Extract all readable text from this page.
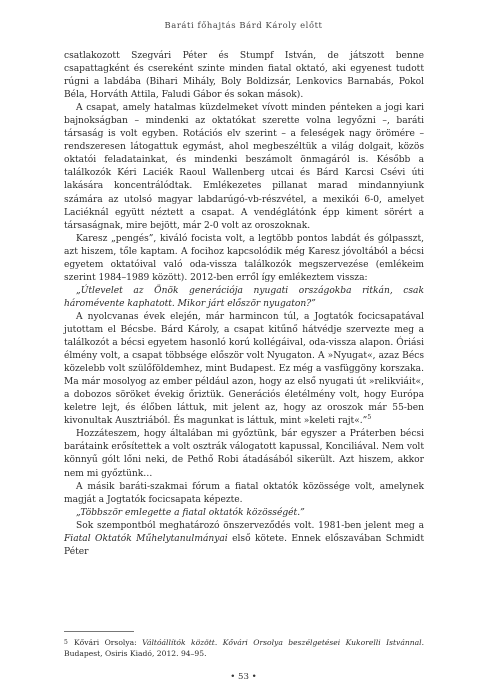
Baráti főhajtás Bárd Károly előtt

csatlakozott Szegvári Péter és Stumpf István, de játszott benne csapattagként és csereként szinte minden fiatal oktató, aki egyenest tudott rúgni a labdába (Bihari Mihály, Boly Boldizsár, Lenkovics Barnabás, Pokol Béla, Horváth Attila, Faludi Gábor és sokan mások).

A csapat, amely hatalmas küzdelmeket vívott minden pénteken a jogi kari bajnokságban – mindenki az oktatókat szerette volna legyőzni –, baráti társaság is volt egyben. Rotációs elv szerint – a feleségek nagy örömére – rendszeresen látogattuk egymást, ahol megbeszéltük a világ dolgait, közös oktatói feladatainkat, és mindenki beszámolt önmagáról is. Később a találkozók Kéri Laciék Raoul Wallenberg utcai és Bárd Karcsi Csévi úti lakására koncentrálódtak. Emlékezetes pillanat marad mindannyiunk számára az utolsó magyar labdarúgó-vb-részvétel, a mexikói 6-0, amelyet Laciéknál együtt néztett a csapat. A vendéglátónk épp kiment sörért a társaságnak, mire bejött, már 2-0 volt az oroszoknak.

Karesz „pengés”, kiváló focista volt, a legtöbb pontos labdát és gólpasszt, azt hiszem, tőle kaptam. A focihoz kapcsolódik még Karesz jóvoltából a bécsi egyetem oktatóival való oda-vissza találkozók megszervezése (emlékeim szerint 1984–1989 között). 2012-ben erről így emlékeztem vissza:

„Útlevelet az Önök generációja nyugati országokba ritkán, csak háromévente kaphatott. Mikor járt először nyugaton?”

A nyolcvanas évek elején, már harmincon túl, a Jogtatók focicsapatával jutottam el Bécsbe. Bárd Károly, a csapat kitűnő hátvédje szervezte meg a találkozót a bécsi egyetem hasonló korú kollégáival, oda-vissza alapon. Óriási élmény volt, a csapat többsége először volt Nyugaton. A »Nyugat«, azaz Bécs közelebb volt szülőföldemhez, mint Budapest. Ez még a vasfüggöny korszaka. Ma már mosolyog az ember például azon, hogy az első nyugati út »relikviáit«, a dobozos söröket évekig őriztük. Generációs életélmény volt, hogy Európa keletre lejt, és élőben láttuk, mit jelent az, hogy az oroszok már 55-ben kivonultak Ausztriából. És magunkat is láttuk, mint »keleti rajt«.”$^5$

Hozzáteszem, hogy általában mi győztünk, bár egyszer a Práterben bécsi barátaink erősítettek a volt osztrák válogatott kapussal, Konciliával. Nem volt könnyű gólt lőni neki, de Pethő Robi átadásából sikerült. Azt hiszem, akkor nem mi győztünk…

A másik baráti-szakmai fórum a fiatal oktatók közössége volt, amelynek magját a Jogtatók focicsapata képezte.

„Többször emlegette a fiatal oktatók közösségét.”

Sok szempontból meghatározó önszerveződés volt. 1981-ben jelent meg a Fiatal Oktatók Műhelytanulmányai első kötete. Ennek előszavában Schmidt Péter

5 Kővári Orsolya: Váltóállítók között. Kővári Orsolya beszélgetései Kukorelli Istvánnal. Budapest, Osiris Kiadó, 2012. 94–95.
• 53 •
